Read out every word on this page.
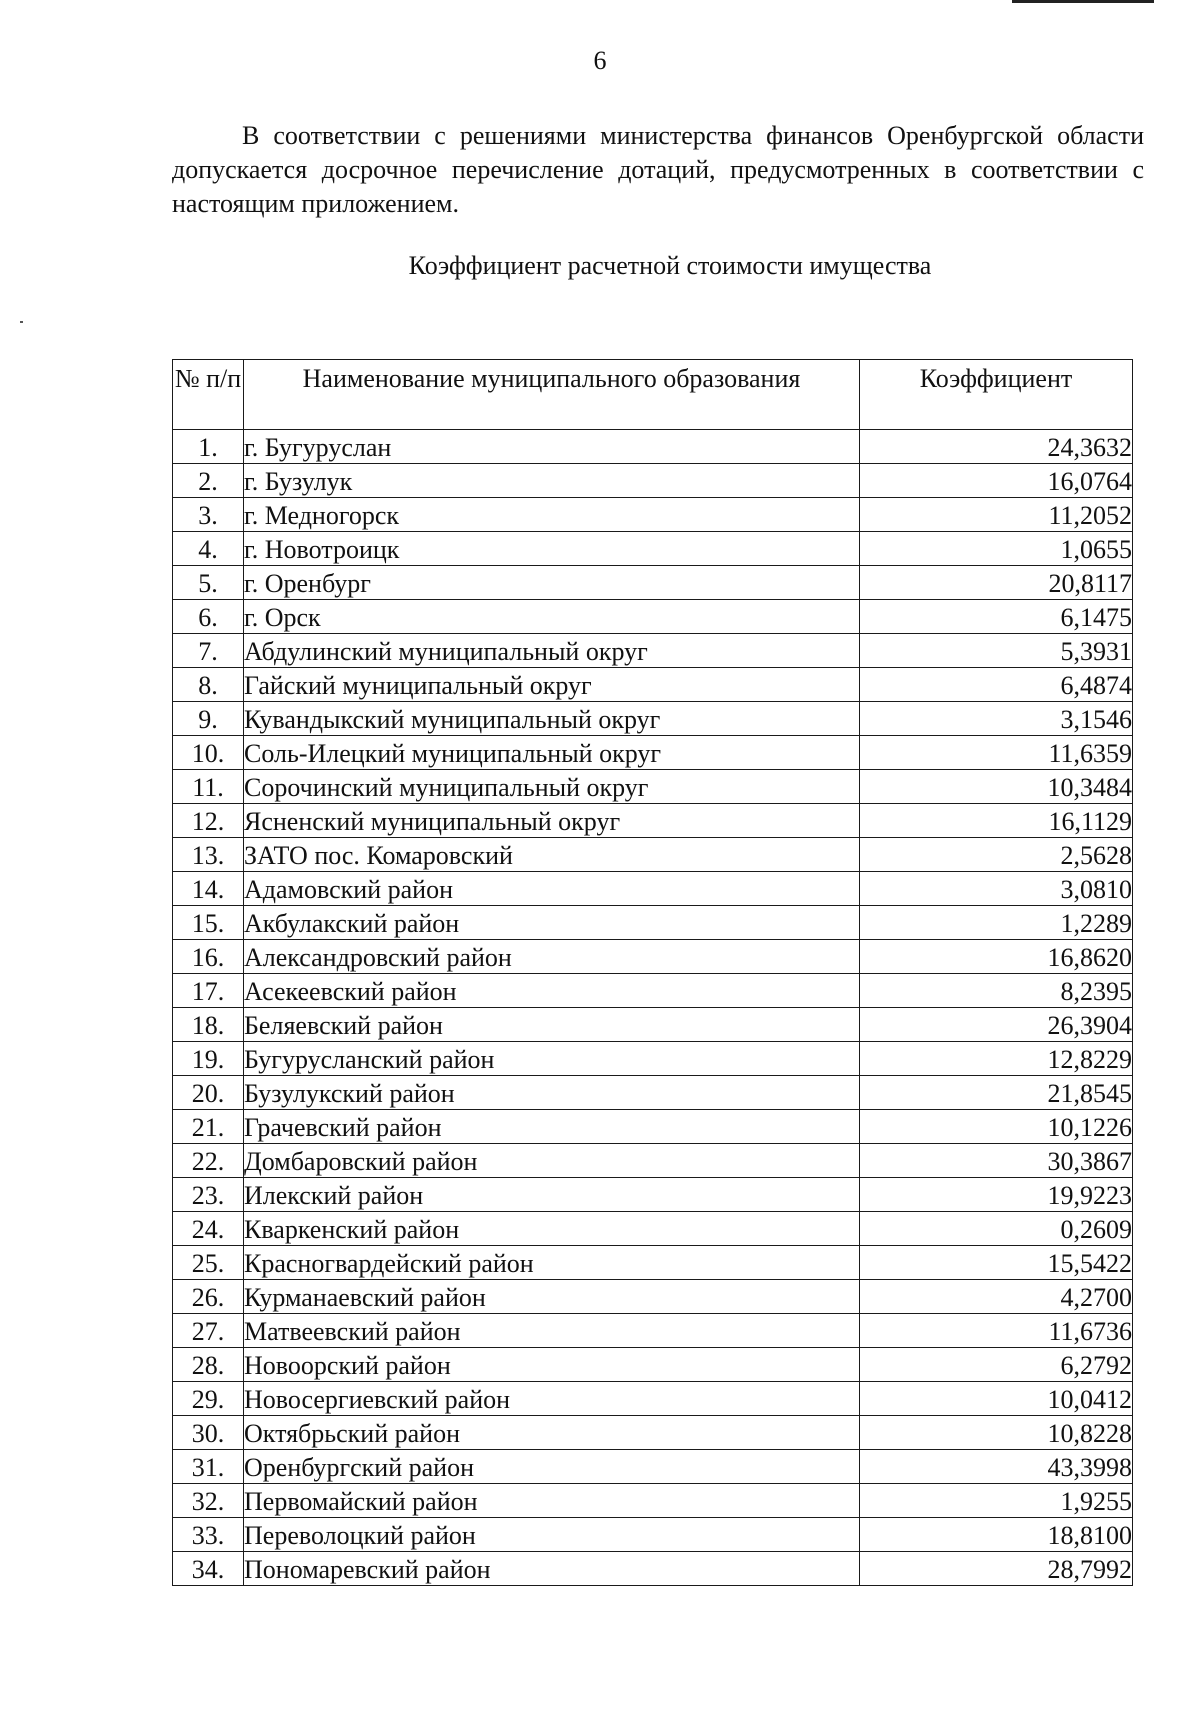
6

В соответствии с решениями министерства финансов Оренбургской области допускается досрочное перечисление дотаций, предусмотренных в соответствии с настоящим приложением.

Коэффициент расчетной стоимости имущества
№ п/п	Наименование муниципального образования	Коэффициент
1.	г. Бугуруслан	24,3632
2.	г. Бузулук	16,0764
3.	г. Медногорск	11,2052
4.	г. Новотроицк	1,0655
5.	г. Оренбург	20,8117
6.	г. Орск	6,1475
7.	Абдулинский муниципальный округ	5,3931
8.	Гайский муниципальный округ	6,4874
9.	Кувандыкский муниципальный округ	3,1546
10.	Соль-Илецкий муниципальный округ	11,6359
11.	Сорочинский муниципальный округ	10,3484
12.	Ясненский муниципальный округ	16,1129
13.	ЗАТО пос. Комаровский	2,5628
14.	Адамовский район	3,0810
15.	Акбулакский район	1,2289
16.	Александровский район	16,8620
17.	Асекеевский район	8,2395
18.	Беляевский район	26,3904
19.	Бугурусланский район	12,8229
20.	Бузулукский район	21,8545
21.	Грачевский район	10,1226
22.	Домбаровский район	30,3867
23.	Илекский район	19,9223
24.	Кваркенский район	0,2609
25.	Красногвардейский район	15,5422
26.	Курманаевский район	4,2700
27.	Матвеевский район	11,6736
28.	Новоорский район	6,2792
29.	Новосергиевский район	10,0412
30.	Октябрьский район	10,8228
31.	Оренбургский район	43,3998
32.	Первомайский район	1,9255
33.	Переволоцкий район	18,8100
34.	Пономаревский район	28,7992
